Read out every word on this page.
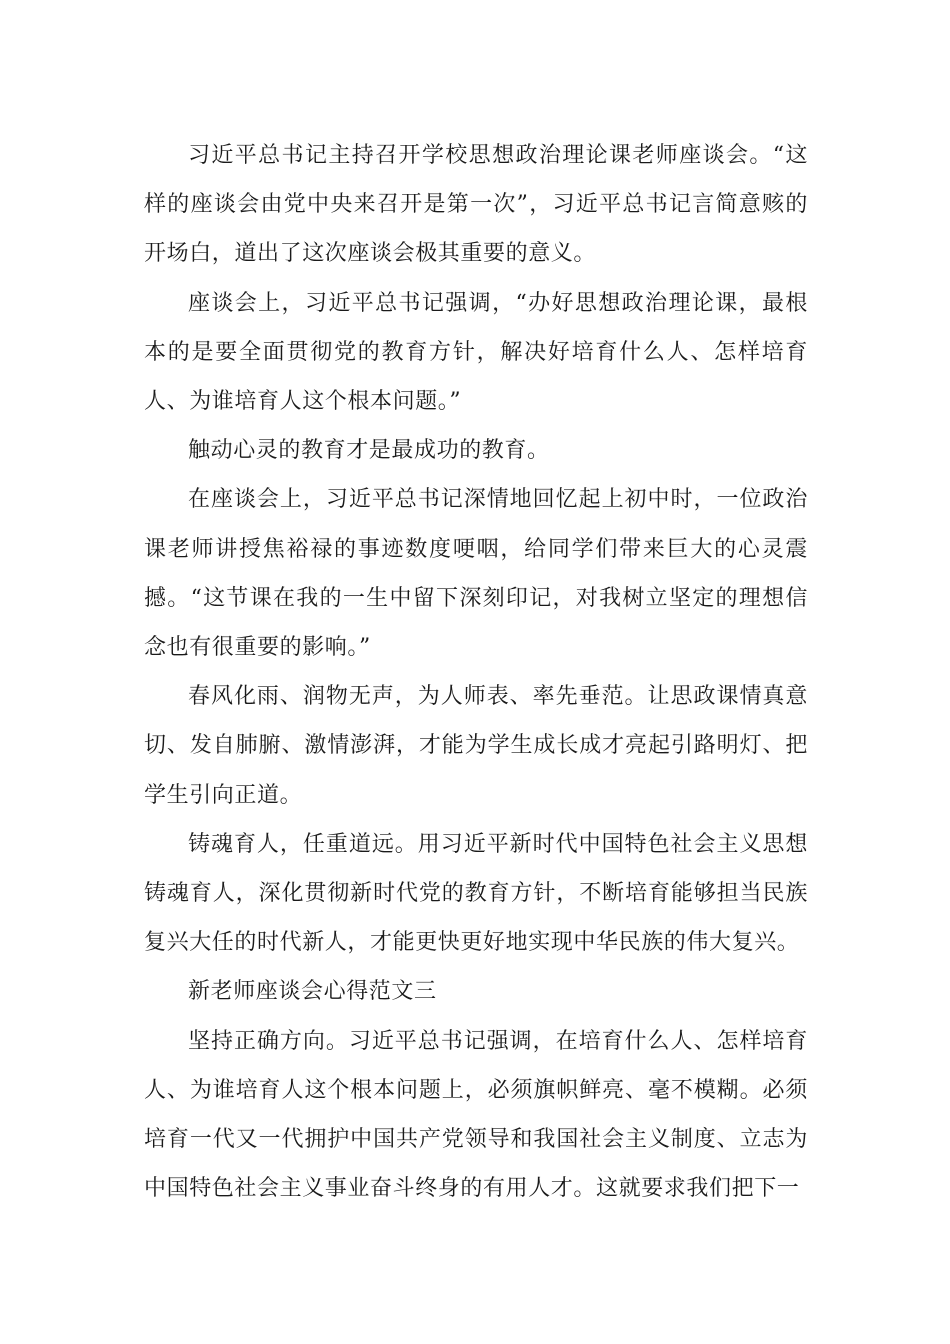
习近平总书记主持召开学校思想政治理论课老师座谈会。“这样的座谈会由党中央来召开是第一次”，习近平总书记言简意赅的开场白，道出了这次座谈会极其重要的意义。

座谈会上，习近平总书记强调，“办好思想政治理论课，最根本的是要全面贯彻党的教育方针，解决好培育什么人、怎样培育人、为谁培育人这个根本问题。”

触动心灵的教育才是最成功的教育。

在座谈会上，习近平总书记深情地回忆起上初中时，一位政治课老师讲授焦裕禄的事迹数度哽咽，给同学们带来巨大的心灵震撼。“这节课在我的一生中留下深刻印记，对我树立坚定的理想信念也有很重要的影响。”

春风化雨、润物无声，为人师表、率先垂范。让思政课情真意切、发自肺腑、激情澎湃，才能为学生成长成才亮起引路明灯、把学生引向正道。

铸魂育人，任重道远。用习近平新时代中国特色社会主义思想铸魂育人，深化贯彻新时代党的教育方针，不断培育能够担当民族复兴大任的时代新人，才能更快更好地实现中华民族的伟大复兴。

新老师座谈会心得范文三

坚持正确方向。习近平总书记强调，在培育什么人、怎样培育人、为谁培育人这个根本问题上，必须旗帜鲜亮、毫不模糊。必须培育一代又一代拥护中国共产党领导和我国社会主义制度、立志为中国特色社会主义事业奋斗终身的有用人才。这就要求我们把下一
